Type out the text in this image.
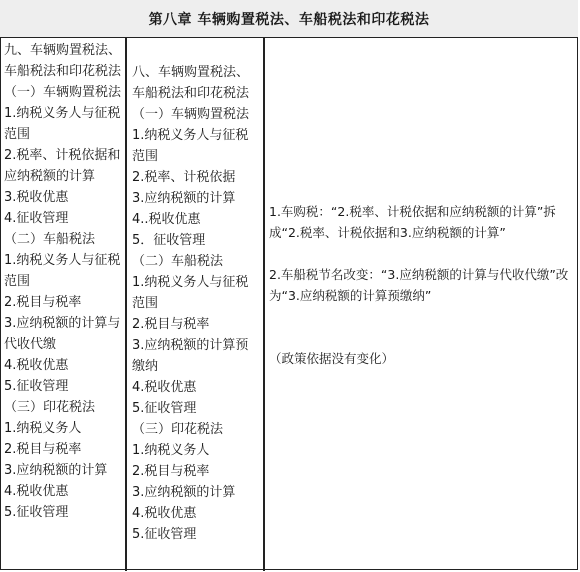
第八章 车辆购置税法、车船税法和印花税法
九、车辆购置税法、车船税法和印花税法
（一）车辆购置税法
1.纳税义务人与征税范围
2.税率、计税依据和应纳税额的计算
3.税收优惠
4.征收管理
（二）车船税法
1.纳税义务人与征税范围
2.税目与税率
3.应纳税额的计算与代收代缴
4.税收优惠
5.征收管理
（三）印花税法
1.纳税义务人
2.税目与税率
3.应纳税额的计算
4.税收优惠
5.征收管理
八、车辆购置税法、车船税法和印花税法
（一）车辆购置税法
1.纳税义务人与征税范围
2.税率、计税依据
3.应纳税额的计算
4..税收优惠
5．征收管理
（二）车船税法
1.纳税义务人与征税范围
2.税目与税率
3.应纳税额的计算预缴纳
4.税收优惠
5.征收管理
（三）印花税法
1.纳税义务人
2.税目与税率
3.应纳税额的计算
4.税收优惠
5.征收管理
1.车购税：“2.税率、计税依据和应纳税额的计算”拆成“2.税率、计税依据和3.应纳税额的计算”
2.车船税节名改变：“3.应纳税额的计算与代收代缴”改为“3.应纳税额的计算预缴纳”
（政策依据没有变化）
